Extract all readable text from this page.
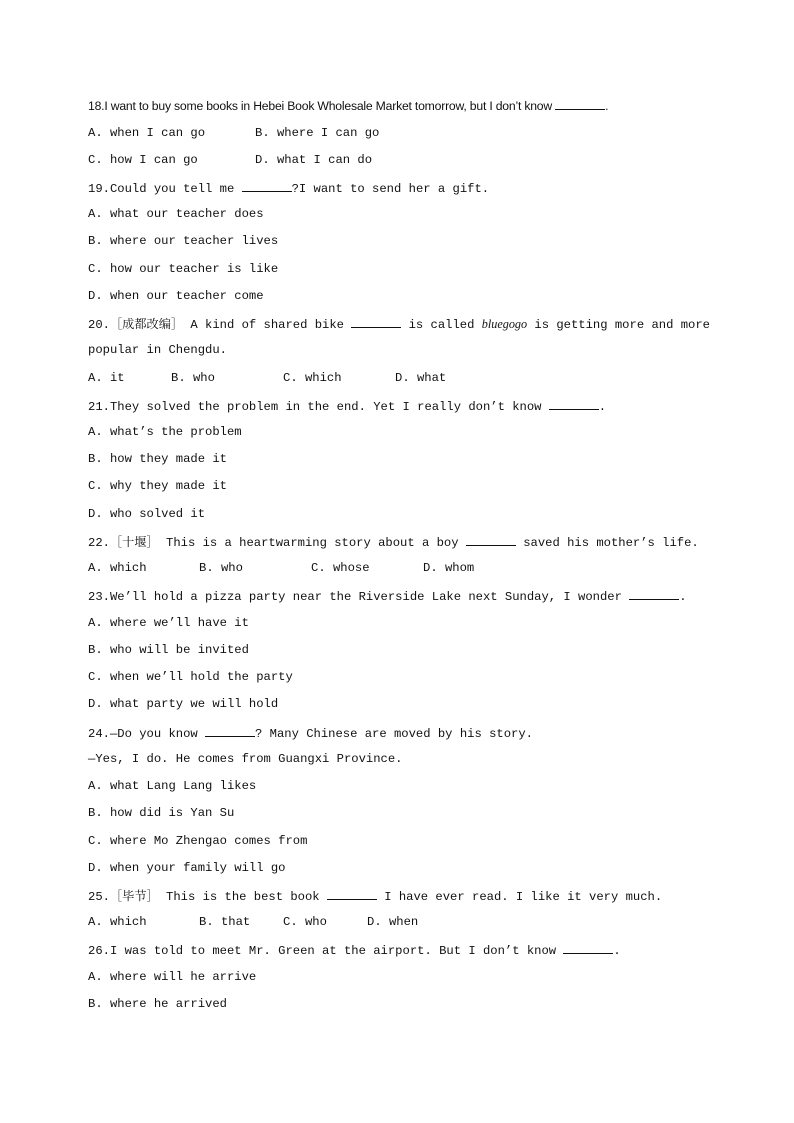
18.I want to buy some books in Hebei Book Wholesale Market tomorrow, but I don’t know	.
A. when I can go	B. where I can go
C. how I can go	D. what I can do
19.Could you tell me	?I want to send her a gift.
A. what our teacher does
B. where our teacher lives
C. how our teacher is like
D. when our teacher come
20.［成都改编］ A kind of shared bike	is called bluegogo is getting more and more
popular in Chengdu.
A. it	B. who	C. which	D. what
21.They solved the problem in the end. Yet I really don’t know	.
A. what’s the problem
B. how they made it
C. why they made it
D. who solved it
22.［十堰］ This is a heartwarming story about a boy	saved his mother’s life.
A. which	B. who	C. whose	D. whom
23.We’ll hold a pizza party near the Riverside Lake next Sunday, I wonder	.
A. where we’ll have it
B. who will be invited
C. when we’ll hold the party
D. what party we will hold
24.—Do you know	? Many Chinese are moved by his story.
—Yes, I do. He comes from Guangxi Province.
A. what Lang Lang likes
B. how did is Yan Su
C. where Mo Zhengao comes from
D. when your family will go
25.［毕节］ This is the best book	I have ever read. I like it very much.
A. which	B. that	C. who	D. when
26.I was told to meet Mr. Green at the airport. But I don’t know	.
A. where will he arrive
B. where he arrived
